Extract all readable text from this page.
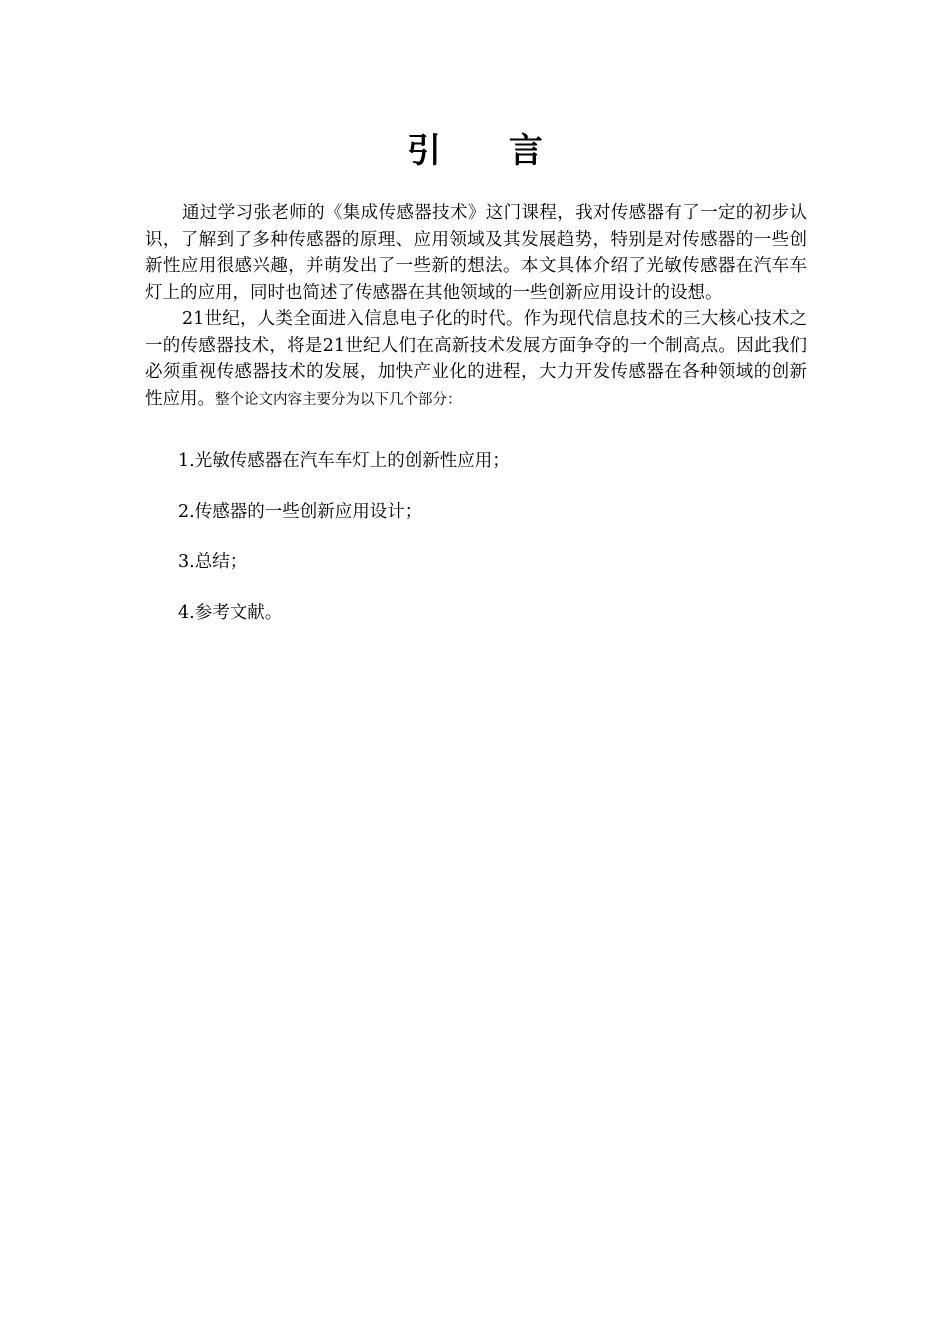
引 言

通过学习张老师的《集成传感器技术》这门课程，我对传感器有了一定的初步认识，了解到了多种传感器的原理、应用领域及其发展趋势，特别是对传感器的一些创新性应用很感兴趣，并萌发出了一些新的想法。本文具体介绍了光敏传感器在汽车车灯上的应用，同时也简述了传感器在其他领域的一些创新应用设计的设想。

21世纪，人类全面进入信息电子化的时代。作为现代信息技术的三大核心技术之一的传感器技术，将是21世纪人们在高新技术发展方面争夺的一个制高点。因此我们必须重视传感器技术的发展，加快产业化的进程，大力开发传感器在各种领域的创新性应用。整个论文内容主要分为以下几个部分：

1.光敏传感器在汽车车灯上的创新性应用；
2.传感器的一些创新应用设计；
3.总结；
4.参考文献。
